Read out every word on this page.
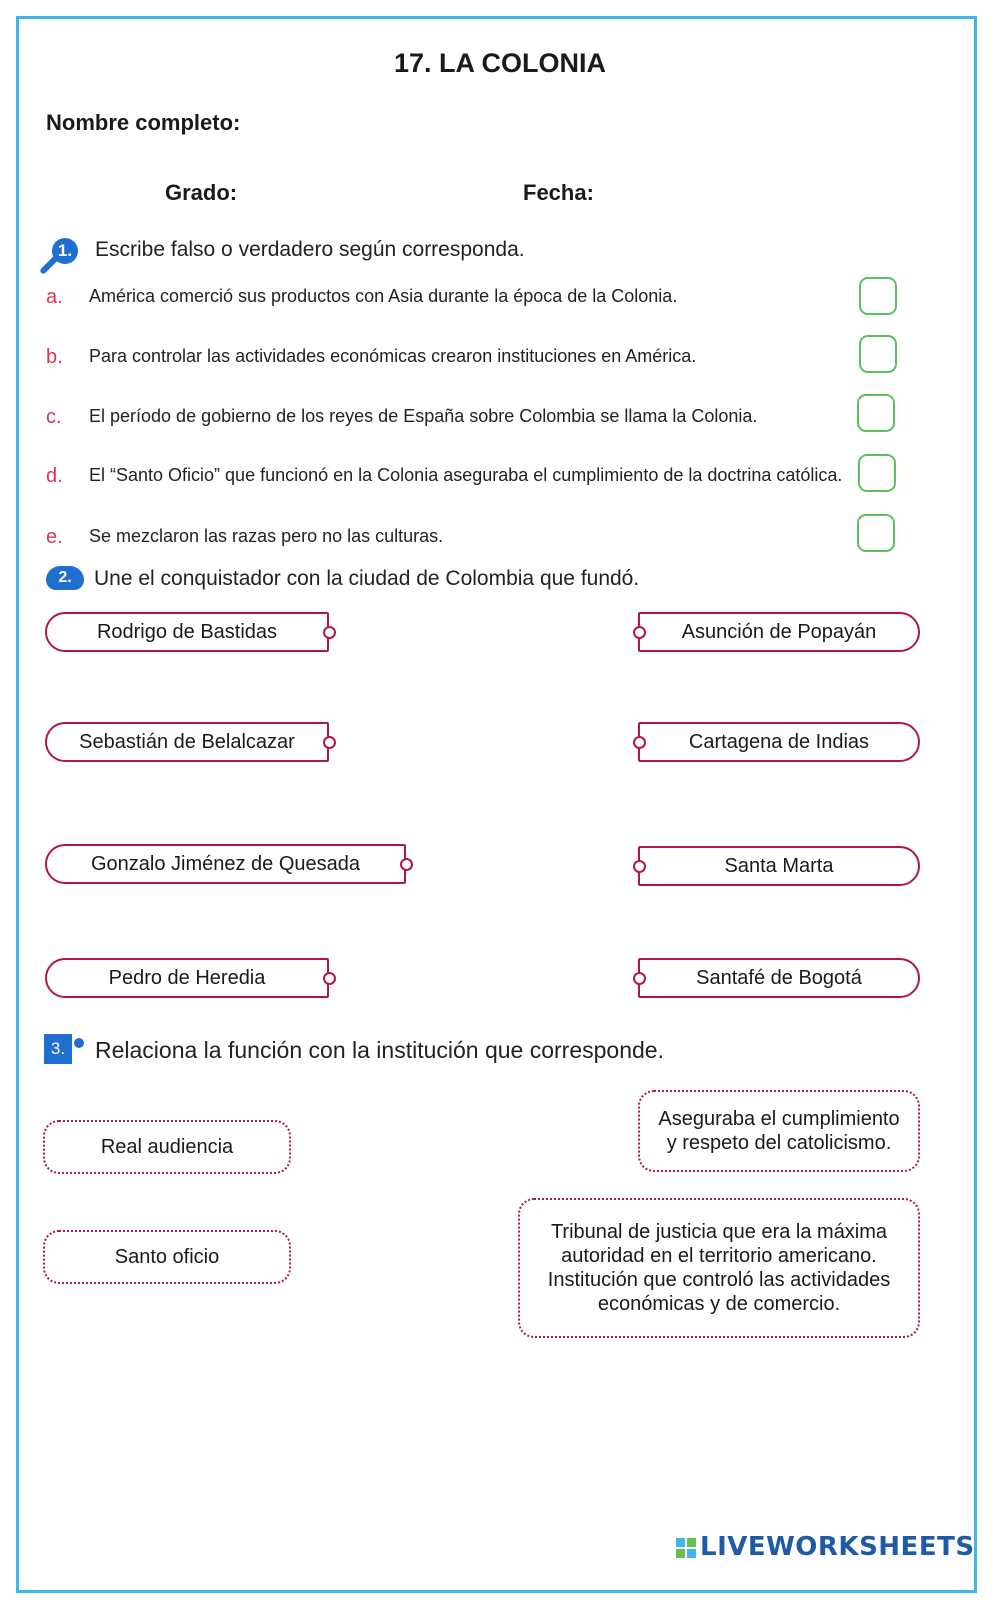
17. LA COLONIA
Nombre completo:
Grado:	Fecha:
1. Escribe falso o verdadero según corresponda.
a. América comerció sus productos con Asia durante la época de la Colonia.
b. Para controlar las actividades económicas crearon instituciones en América.
c. El período de gobierno de los reyes de España sobre Colombia se llama la Colonia.
d. El “Santo Oficio” que funcionó en la Colonia aseguraba el cumplimiento de la doctrina católica.
e. Se mezclaron las razas pero no las culturas.
2.	Une el conquistador con la ciudad de Colombia que fundó.
Rodrigo de Bastidas
Sebastián de Belalcazar
Gonzalo Jiménez de Quesada
Pedro de Heredia
Asunción de Popayán
Cartagena de Indias
Santa Marta
Santafé de Bogotá
3.	Relaciona la función con la institución que corresponde.
Real audiencia
Santo oficio
Aseguraba el cumplimiento y respeto del catolicismo.
Tribunal de justicia que era la máxima autoridad en el territorio americano. Institución que controló las actividades económicas y de comercio.
LIVEWORKSHEETS
